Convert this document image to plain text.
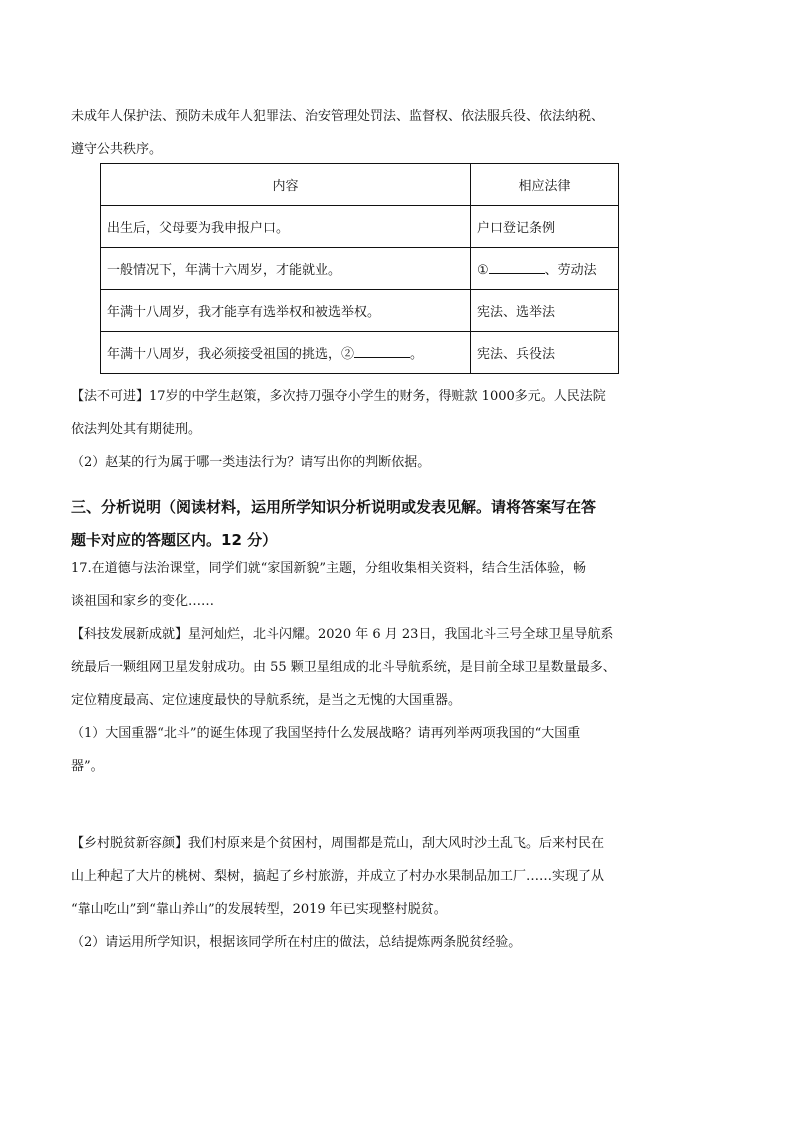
未成年人保护法、预防未成年人犯罪法、治安管理处罚法、监督权、依法服兵役、依法纳税、
遵守公共秩序。
内容	相应法律
出生后，父母要为我申报户口。	户口登记条例
一般情况下，年满十六周岁，才能就业。	① 、劳动法
年满十八周岁，我才能享有选举权和被选举权。	宪法、选举法
年满十八周岁，我必须接受祖国的挑选，② 。	宪法、兵役法
【法不可进】17岁的中学生赵策，多次持刀强夺小学生的财务，得赃款 1000多元。人民法院
依法判处其有期徒刑。
（2）赵某的行为属于哪一类违法行为？请写出你的判断依据。
三、分析说明（阅读材料，运用所学知识分析说明或发表见解。请将答案写在答
题卡对应的答题区内。12 分）
17.在道德与法治课堂，同学们就“家国新貌”主题，分组收集相关资料，结合生活体验，畅
谈祖国和家乡的变化……
【科技发展新成就】星河灿烂，北斗闪耀。2020 年 6 月 23日，我国北斗三号全球卫星导航系
统最后一颗组网卫星发射成功。由 55 颗卫星组成的北斗导航系统，是目前全球卫星数量最多、
定位精度最高、定位速度最快的导航系统，是当之无愧的大国重器。
（1）大国重器“北斗”的诞生体现了我国坚持什么发展战略？请再列举两项我国的“大国重
器”。
【乡村脱贫新容颜】我们村原来是个贫困村，周围都是荒山，刮大风时沙土乱飞。后来村民在
山上种起了大片的桃树、梨树，搞起了乡村旅游，并成立了村办水果制品加工厂……实现了从
“靠山吃山”到“靠山养山”的发展转型，2019 年已实现整村脱贫。
（2）请运用所学知识，根据该同学所在村庄的做法，总结提炼两条脱贫经验。
